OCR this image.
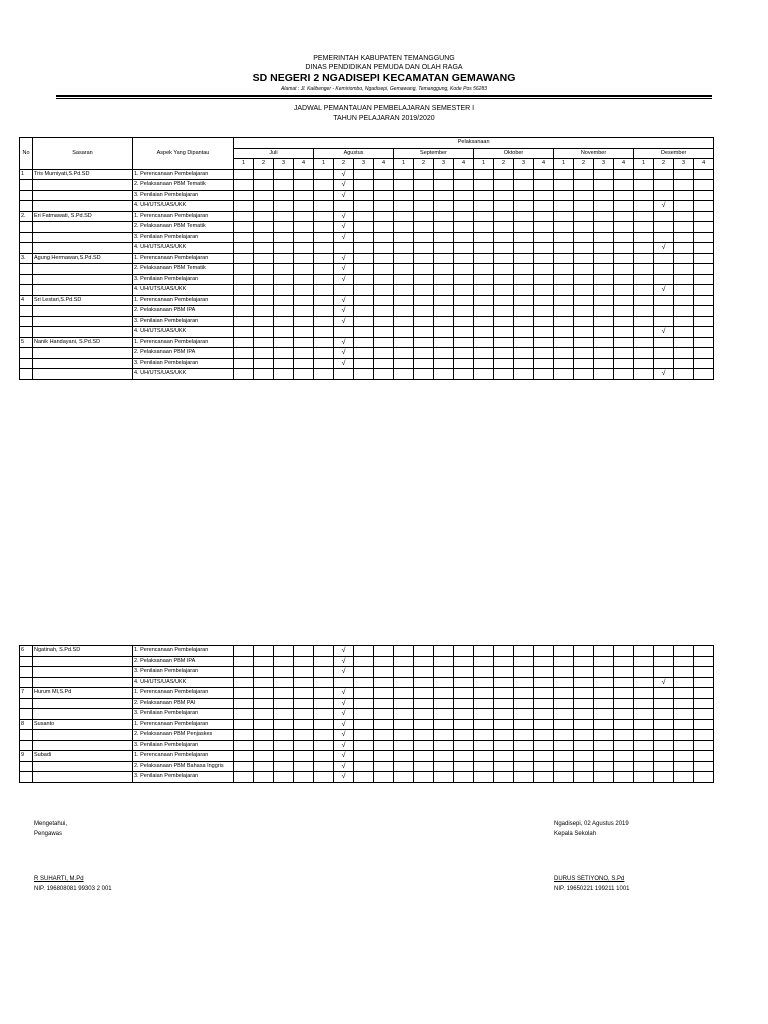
PEMERINTAH KABUPATEN TEMANGGUNG
DINAS PENDIDIKAN PEMUDA DAN OLAH RAGA
SD NEGERI 2 NGADISEPI KECAMATAN GEMAWANG
Alamat : Jl. Kalibenger - Kemiriombo, Ngadisepi, Gemawang, Temanggung, Kode Pos 56283
JADWAL PEMANTAUAN PEMBELAJARAN SEMESTER I
TAHUN PELAJARAN 2019/2020
No	Sasaran	Aspek Yang Dipantau	Pelaksanaan																							
			Juli				Agustus				September				Oktober				November				Desember			
			1	2	3	4	1	2	3	4	1	2	3	4	1	2	3	4	1	2	3	4	1	2	3	4
1	Tris Murniyati,S.Pd.SD	1. Perencanaan Pembelajaran						√																		
		2. Pelaksanaan PBM Tematik						√																		
		3. Penilaian Pembelajaran						√																		
		4. UH/UTS/UAS/UKK																						√		
2.	Eri Fatmawati, S.Pd.SD	1. Perencanaan Pembelajaran						√																		
		2. Pelaksanaan PBM Tematik						√																		
		3. Penilaian Pembelajaran						√																		
		4. UH/UTS/UAS/UKK																						√		
3.	Agung Hermawan,S.Pd.SD	1. Perencanaan Pembelajaran						√																		
		2. Pelaksanaan PBM Tematik						√																		
		3. Penilaian Pembelajaran						√																		
		4. UH/UTS/UAS/UKK																						√		
4	Sri Lestari,S.Pd.SD	1. Perencanaan Pembelajaran						√																		
		2. Pelaksanaan PBM IPA						√																		
		3. Penilaian Pembelajaran						√																		
		4. UH/UTS/UAS/UKK																						√		
5	Nanik Handayani, S.Pd.SD	1. Perencanaan Pembelajaran						√																		
		2. Pelaksanaan PBM IPA						√																		
		3. Penilaian Pembelajaran						√																		
		4. UH/UTS/UAS/UKK																						√		
6	Ngatinah, S.Pd.SD	1. Perencanaan Pembelajaran						√																		
		2. Pelaksanaan PBM IPA						√																		
		3. Penilaian Pembelajaran						√																		
		4. UH/UTS/UAS/UKK																						√		
7	Hurum Ml,S.Pd	1. Perencanaan Pembelajaran						√																		
		2. Pelaksanaan PBM PAI						√																		
		3. Penilaian Pembelajaran						√																		
8	Susanto	1. Perencanaan Pembelajaran						√																		
		2. Pelaksanaan PBM Penjaskes						√																		
		3. Penilaian Pembelajaran						√																		
9	Subadi	1. Perencanaan Pembelajaran						√																		
		2. Pelaksanaan PBM Bahasa Inggris						√																		
		3. Penilaian Pembelajaran						√																		
Mengetahui,
Pengawas
R SUHARTI, M.Pd
NIP. 196808081 99303 2 001
Ngadisepi, 02 Agustus 2019
Kepala Sekolah
DURUS SETIYONO, S.Pd
NIP. 19650221 199211 1001
